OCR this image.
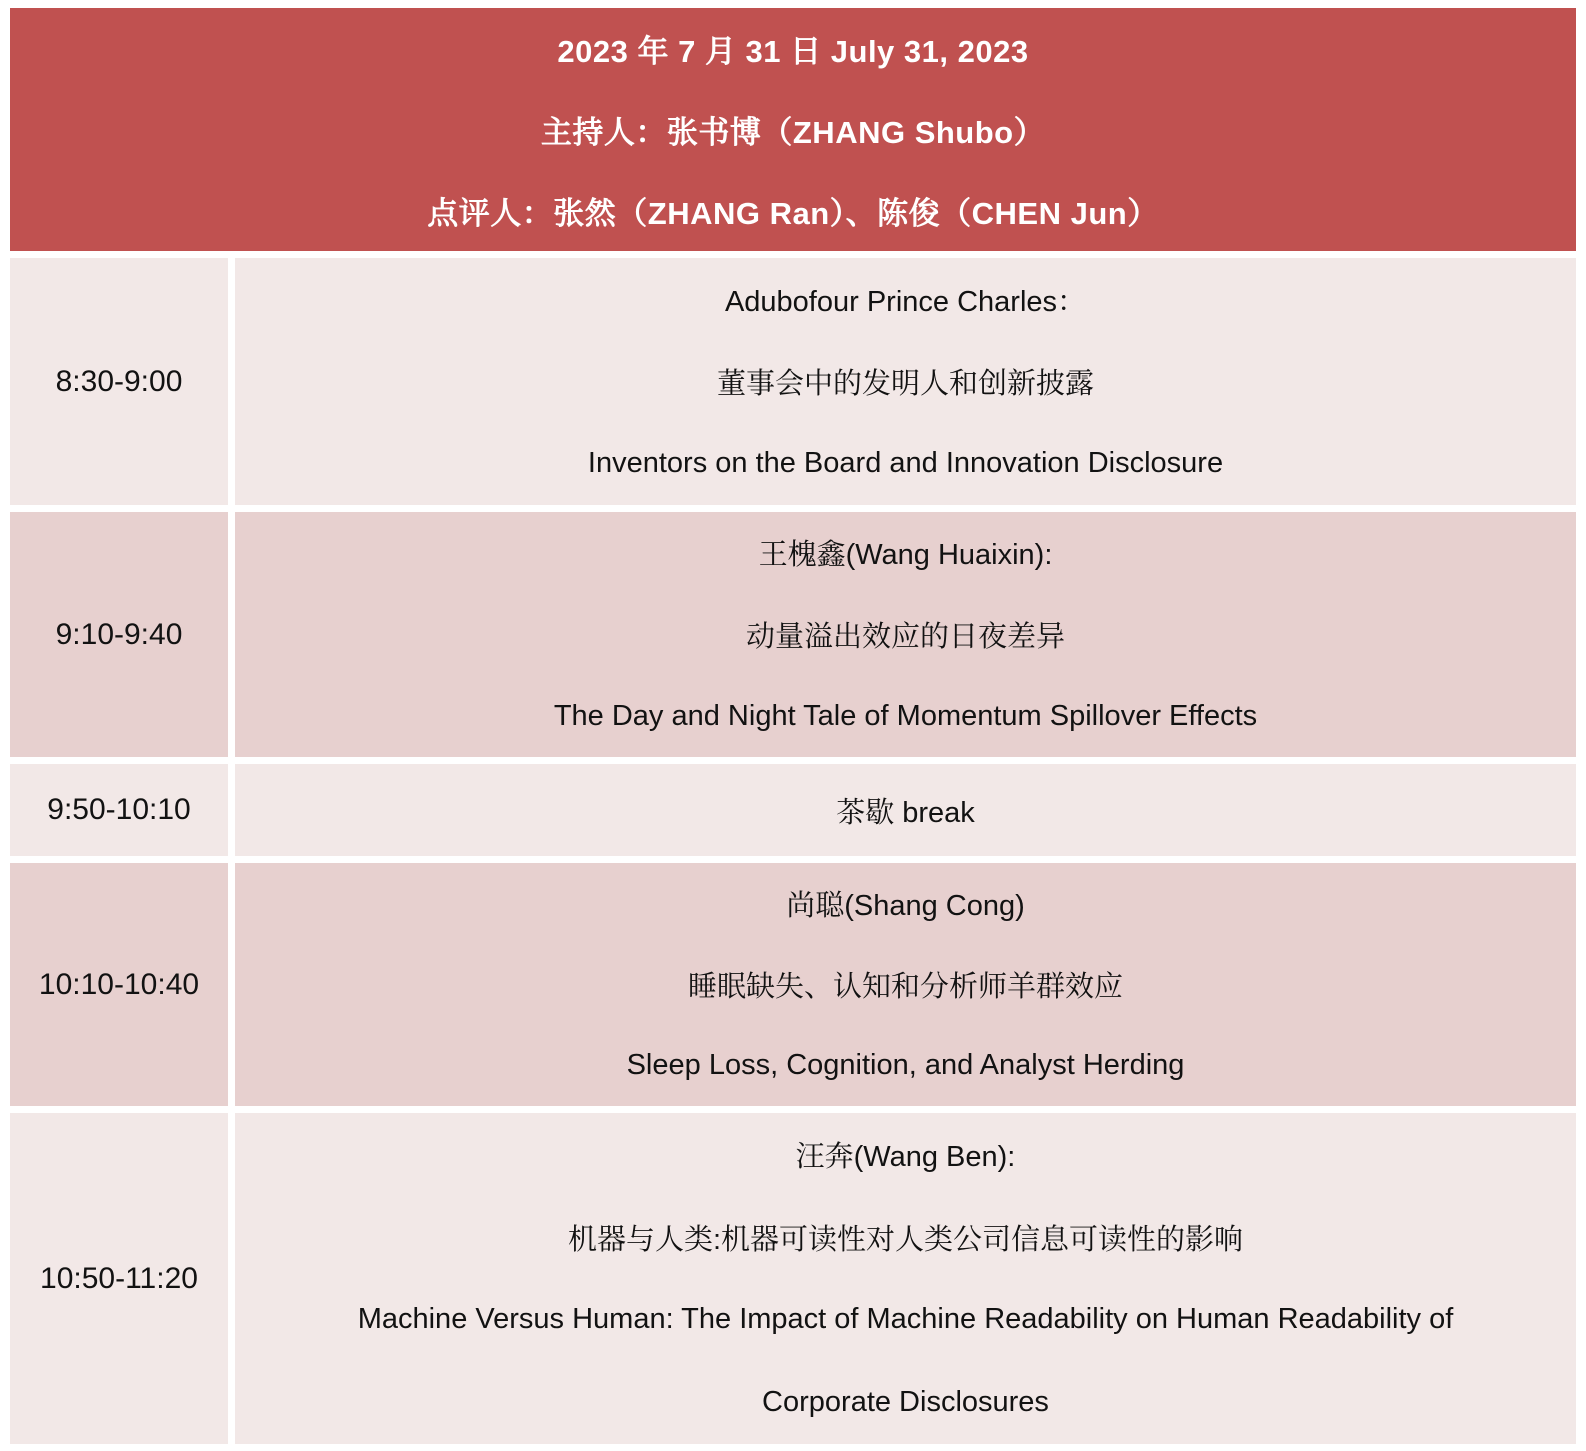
2023 年 7 月 31 日 July 31, 2023
主持人：张书博（ZHANG Shubo）
点评人：张然（ZHANG Ran）、陈俊（CHEN Jun）
8:30-9:00
Adubofour Prince Charles：
董事会中的发明人和创新披露
Inventors on the Board and Innovation Disclosure
9:10-9:40
王槐鑫(Wang Huaixin):
动量溢出效应的日夜差异
The Day and Night Tale of Momentum Spillover Effects
9:50-10:10	茶歇 break
10:10-10:40
尚聪(Shang Cong)
睡眠缺失、认知和分析师羊群效应
Sleep Loss, Cognition, and Analyst Herding
10:50-11:20
汪奔(Wang Ben):
机器与人类:机器可读性对人类公司信息可读性的影响
Machine Versus Human: The Impact of Machine Readability on Human Readability of
Corporate Disclosures
